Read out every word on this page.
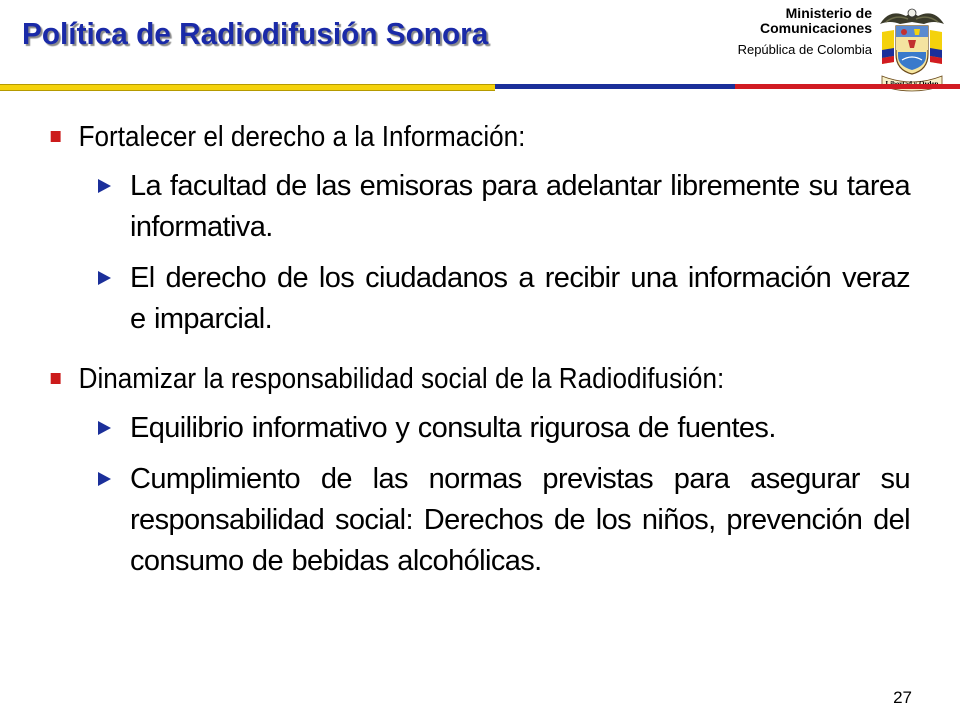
Política de Radiodifusión Sonora
Ministerio de
Comunicaciones
República de Colombia
Fortalecer el derecho a la Información:
La facultad de las emisoras para adelantar libremente su tarea informativa.
El derecho de los ciudadanos a recibir una información veraz e imparcial.
Dinamizar la responsabilidad social de la Radiodifusión:
Equilibrio informativo y consulta rigurosa de fuentes.
Cumplimiento de las normas previstas para asegurar su responsabilidad social: Derechos de los niños, prevención del consumo de bebidas alcohólicas.
27
